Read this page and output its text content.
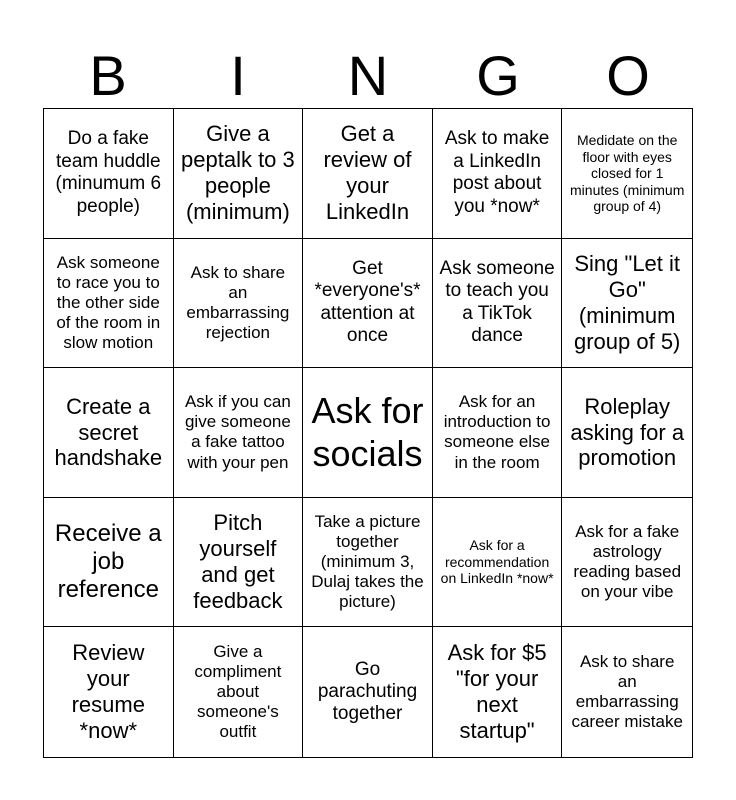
B	I	N	G	O
Do a fake team huddle (minumum 6 people)
Give a peptalk to 3 people (minimum)
Get a review of your LinkedIn
Ask to make a LinkedIn post about you *now*
Medidate on the floor with eyes closed for 1 minutes (minimum group of 4)
Ask someone to race you to the other side of the room in slow motion
Ask to share an embarrassing rejection
Get *everyone's* attention at once
Ask someone to teach you a TikTok dance
Sing "Let it Go" (minimum group of 5)
Create a secret handshake
Ask if you can give someone a fake tattoo with your pen
Ask for socials
Ask for an introduction to someone else in the room
Roleplay asking for a promotion
Receive a job reference
Pitch yourself and get feedback
Take a picture together (minimum 3, Dulaj takes the picture)
Ask for a recommendation on LinkedIn *now*
Ask for a fake astrology reading based on your vibe
Review your resume *now*
Give a compliment about someone's outfit
Go parachuting together
Ask for $5 "for your next startup"
Ask to share an embarrassing career mistake
